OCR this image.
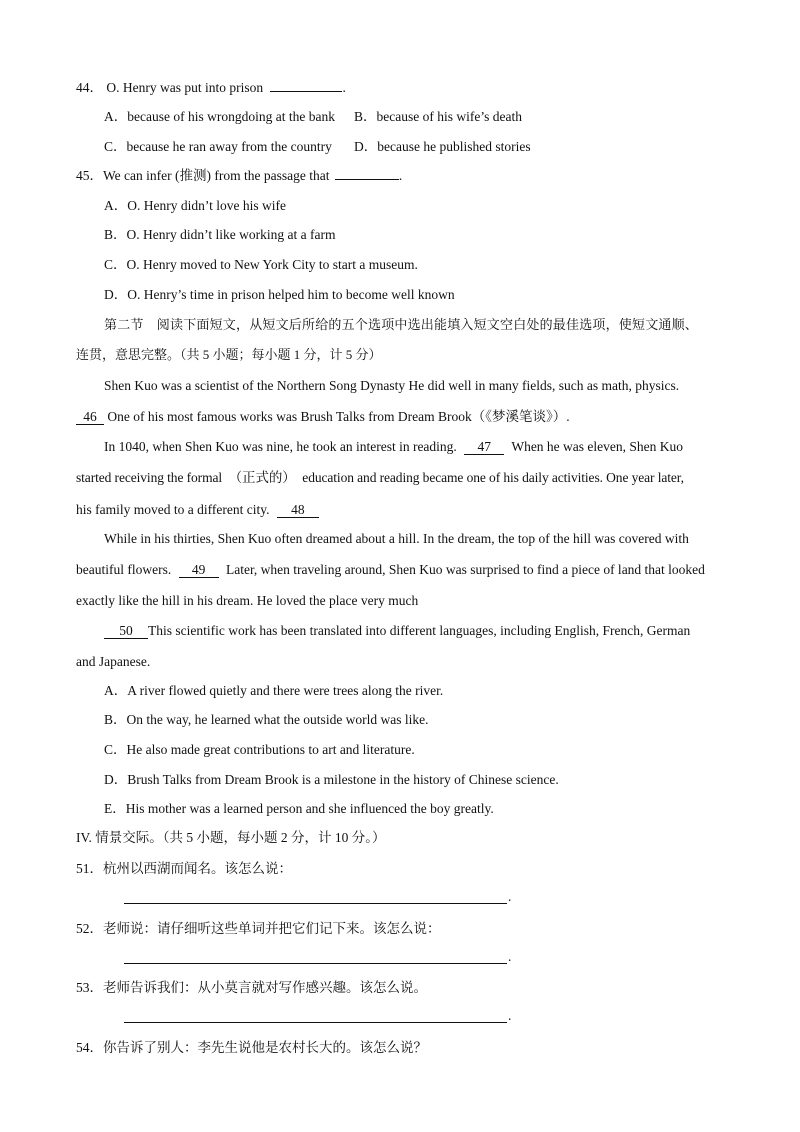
44． O. Henry was put into prison	.
A．because of his wrongdoing at the bank B．because of his wife’s death
C．because he ran away from the country D．because he published stories
45．We can infer (推测) from the passage that	.
A．O. Henry didn’t love his wife
B．O. Henry didn’t like working at a farm
C．O. Henry moved to New York City to start a museum.
D．O. Henry’s time in prison helped him to become well known
第二节　阅读下面短文，从短文后所给的五个选项中选出能填入短文空白处的最佳选项，使短文通顺、
连贯，意思完整。（共 5 小题；每小题 1 分，计 5 分）
Shen Kuo was a scientist of the Northern Song Dynasty He did well in many fields, such as math, physics.
46 One of his most famous works was Brush Talks from Dream Brook（《梦溪笔谈》）.
In 1040, when Shen Kuo was nine, he took an interest in reading. 47 When he was eleven, Shen Kuo
started receiving the formal　（正式的）　education and reading became one of his daily activities. One year later,
his family moved to a different city. 48
While in his thirties, Shen Kuo often dreamed about a hill. In the dream, the top of the hill was covered with
beautiful flowers. 49 Later, when traveling around, Shen Kuo was surprised to find a piece of land that looked
exactly like the hill in his dream. He loved the place very much
50 This scientific work has been translated into different languages, including English, French, German
and Japanese.
A．A river flowed quietly and there were trees along the river.
B．On the way, he learned what the outside world was like.
C．He also made great contributions to art and literature.
D．Brush Talks from Dream Brook is a milestone in the history of Chinese science.
E．His mother was a learned person and she influenced the boy greatly.
IV. 情景交际。（共 5 小题，每小题 2 分，计 10 分。）
51．杭州以西湖而闻名。该怎么说：
.
52．老师说：请仔细听这些单词并把它们记下来。该怎么说：
.
53．老师告诉我们：从小莫言就对写作感兴趣。该怎么说。
.
54．你告诉了别人：李先生说他是农村长大的。该怎么说？
